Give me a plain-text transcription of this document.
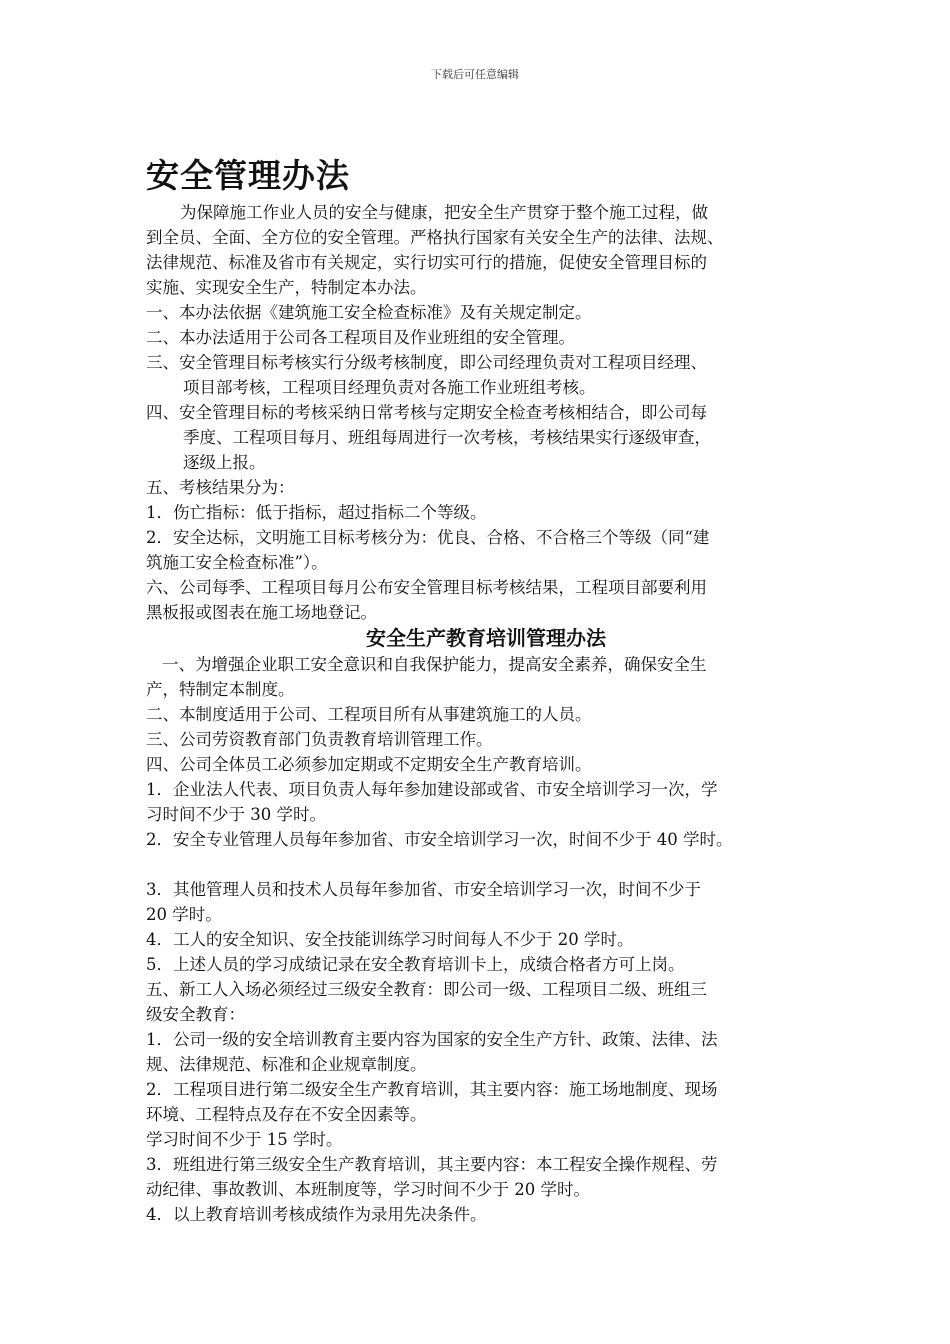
下载后可任意编辑
安全管理办法

为保障施工作业人员的安全与健康，把安全生产贯穿于整个施工过程，做

到全员、全面、全方位的安全管理。严格执行国家有关安全生产的法律、法规、

法律规范、标准及省市有关规定，实行切实可行的措施，促使安全管理目标的

实施、实现安全生产，特制定本办法。

一、本办法依据《建筑施工安全检查标准》及有关规定制定。

二、本办法适用于公司各工程项目及作业班组的安全管理。

三、安全管理目标考核实行分级考核制度，即公司经理负责对工程项目经理、

项目部考核，工程项目经理负责对各施工作业班组考核。

四、安全管理目标的考核采纳日常考核与定期安全检查考核相结合，即公司每

季度、工程项目每月、班组每周进行一次考核，考核结果实行逐级审查，

逐级上报。

五、考核结果分为：

1．伤亡指标：低于指标，超过指标二个等级。

2．安全达标，文明施工目标考核分为：优良、合格、不合格三个等级（同“建

筑施工安全检查标准”）。

六、公司每季、工程项目每月公布安全管理目标考核结果，工程项目部要利用

黑板报或图表在施工场地登记。

安全生产教育培训管理办法

一、为增强企业职工安全意识和自我保护能力，提高安全素养，确保安全生

产，特制定本制度。

二、本制度适用于公司、工程项目所有从事建筑施工的人员。

三、公司劳资教育部门负责教育培训管理工作。

四、公司全体员工必须参加定期或不定期安全生产教育培训。

1．企业法人代表、项目负责人每年参加建设部或省、市安全培训学习一次，学

习时间不少于 30 学时。

2．安全专业管理人员每年参加省、市安全培训学习一次，时间不少于 40 学时。

3．其他管理人员和技术人员每年参加省、市安全培训学习一次，时间不少于

20 学时。

4．工人的安全知识、安全技能训练学习时间每人不少于 20 学时。

5．上述人员的学习成绩记录在安全教育培训卡上，成绩合格者方可上岗。

五、新工人入场必须经过三级安全教育：即公司一级、工程项目二级、班组三

级安全教育：

1．公司一级的安全培训教育主要内容为国家的安全生产方针、政策、法律、法

规、法律规范、标准和企业规章制度。

2．工程项目进行第二级安全生产教育培训，其主要内容：施工场地制度、现场

环境、工程特点及存在不安全因素等。

学习时间不少于 15 学时。

3．班组进行第三级安全生产教育培训，其主要内容：本工程安全操作规程、劳

动纪律、事故教训、本班制度等，学习时间不少于 20 学时。

4．以上教育培训考核成绩作为录用先决条件。
